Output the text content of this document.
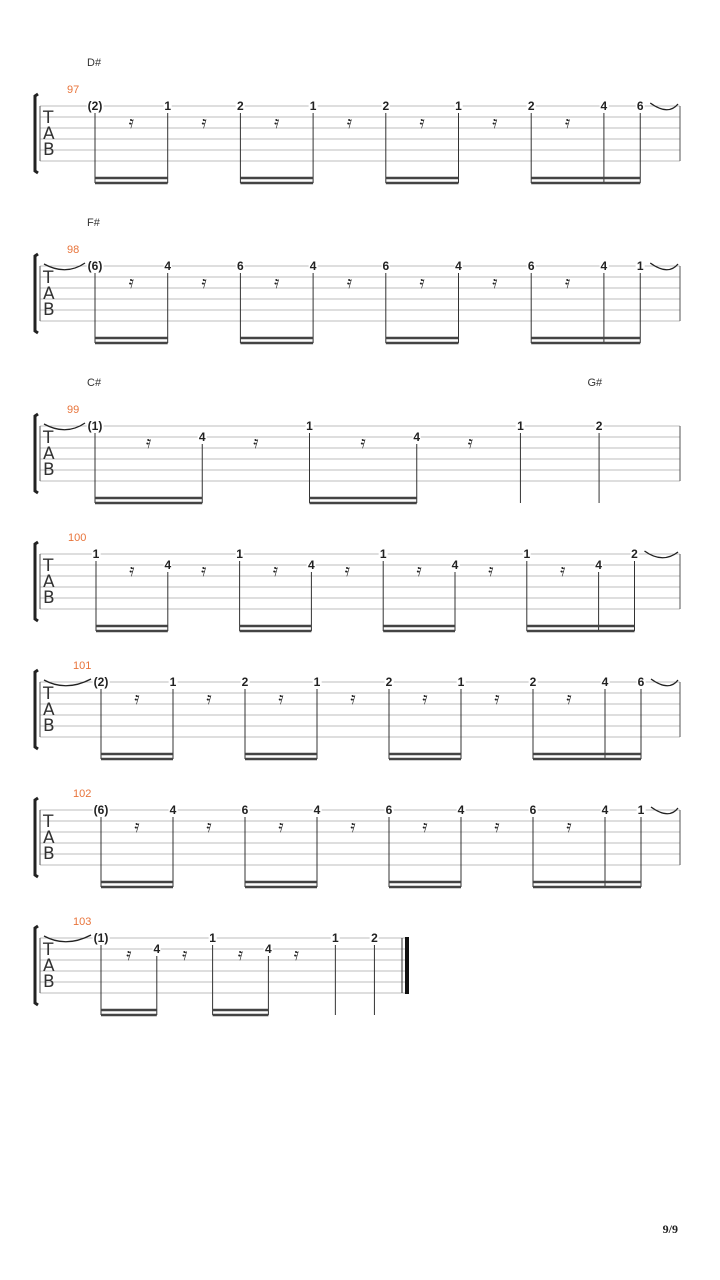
T
A
B
97
D#
(2)
𝄿
1
𝄿
2
𝄿
1
𝄿
2
𝄿
1
𝄿
2
𝄿
4 6
T
A
B
98
F#
(6)
𝄿
4
𝄿
6
𝄿
4
𝄿
6
𝄿
4
𝄿
6
𝄿
4 1
T
A
B
99
C#	G#
(1)
𝄿	4	𝄿
1
𝄿	4	𝄿
1	2
T
A
B
100
1
𝄿 4 𝄿
1
𝄿 4 𝄿
1
𝄿 4 𝄿
1
𝄿 4
2
T
A
B
101
(2)
𝄿
1
𝄿
2
𝄿
1
𝄿
2
𝄿
1
𝄿
2
𝄿
4 6
T
A
B
102
(6)
𝄿
4
𝄿
6
𝄿
4
𝄿
6
𝄿
4
𝄿
6
𝄿
4 1
T
A
B
103
(1)
𝄿 4 𝄿
1
𝄿 4 𝄿
1	2
9/9
